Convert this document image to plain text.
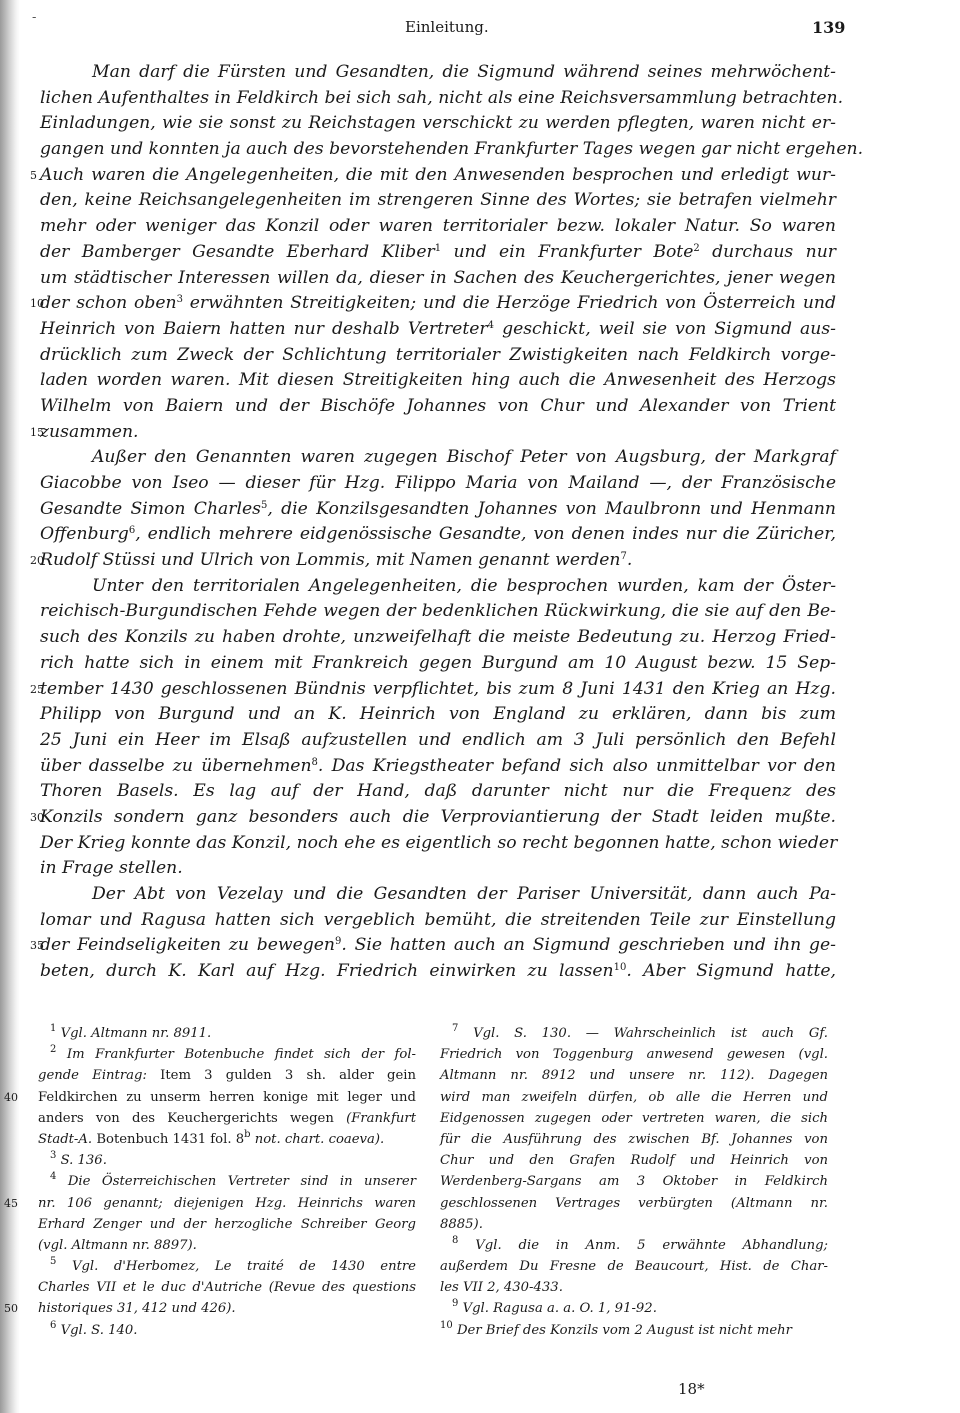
-
Einleitung.	139
Man darf die Fürsten und Gesandten, die Sigmund während seines mehrwöchent-
lichen Aufenthaltes in Feldkirch bei sich sah, nicht als eine Reichsversammlung betrachten.
Einladungen, wie sie sonst zu Reichstagen verschickt zu werden pflegten, waren nicht er-
gangen und konnten ja auch des bevorstehenden Frankfurter Tages wegen gar nicht ergehen.
5 Auch waren die Angelegenheiten, die mit den Anwesenden besprochen und erledigt wur-
den, keine Reichsangelegenheiten im strengeren Sinne des Wortes; sie betrafen vielmehr
mehr oder weniger das Konzil oder waren territorialer bezw. lokaler Natur. So waren
der Bamberger Gesandte Eberhard Kliber$^1$ und ein Frankfurter Bote$^2$ durchaus nur
um städtischer Interessen willen da, dieser in Sachen des Keuchergerichtes, jener wegen
10
der schon oben$^3$ erwähnten Streitigkeiten; und die Herzöge Friedrich von Österreich und
Heinrich von Baiern hatten nur deshalb Vertreter$^4$ geschickt, weil sie von Sigmund aus-
drücklich zum Zweck der Schlichtung territorialer Zwistigkeiten nach Feldkirch vorge-
laden worden waren. Mit diesen Streitigkeiten hing auch die Anwesenheit des Herzogs
Wilhelm von Baiern und der Bischöfe Johannes von Chur und Alexander von Trient
15
zusammen.
Außer den Genannten waren zugegen Bischof Peter von Augsburg, der Markgraf
Giacobbe von Iseo — dieser für Hzg. Filippo Maria von Mailand —, der Französische
Gesandte Simon Charles$^5$, die Konzilsgesandten Johannes von Maulbronn und Henmann
Offenburg$^6$, endlich mehrere eidgenössische Gesandte, von denen indes nur die Züricher,
20
Rudolf Stüssi und Ulrich von Lommis, mit Namen genannt werden$^7$.
Unter den territorialen Angelegenheiten, die besprochen wurden, kam der Öster-
reichisch-Burgundischen Fehde wegen der bedenklichen Rückwirkung, die sie auf den Be-
such des Konzils zu haben drohte, unzweifelhaft die meiste Bedeutung zu. Herzog Fried-
rich hatte sich in einem mit Frankreich gegen Burgund am 10 August bezw. 15 Sep-
25
tember 1430 geschlossenen Bündnis verpflichtet, bis zum 8 Juni 1431 den Krieg an Hzg.
Philipp von Burgund und an K. Heinrich von England zu erklären, dann bis zum
25 Juni ein Heer im Elsaß aufzustellen und endlich am 3 Juli persönlich den Befehl
über dasselbe zu übernehmen$^8$. Das Kriegstheater befand sich also unmittelbar vor den
Thoren Basels. Es lag auf der Hand, daß darunter nicht nur die Frequenz des
30
Konzils sondern ganz besonders auch die Verproviantierung der Stadt leiden mußte.
Der Krieg konnte das Konzil, noch ehe es eigentlich so recht begonnen hatte, schon wieder
in Frage stellen.
Der Abt von Vezelay und die Gesandten der Pariser Universität, dann auch Pa-
lomar und Ragusa hatten sich vergeblich bemüht, die streitenden Teile zur Einstellung
35
der Feindseligkeiten zu bewegen$^9$. Sie hatten auch an Sigmund geschrieben und ihn ge-
beten, durch K. Karl auf Hzg. Friedrich einwirken zu lassen$^{10}$. Aber Sigmund hatte,
$^1$ Vgl. Altmann nr. 8911.
$^2$ Im Frankfurter Botenbuche findet sich der fol-
gende Eintrag: Item 3 gulden 3 sh. alder gein
40 Feldkirchen zu unserm herren konige mit leger und
anders von des Keuchergerichts wegen (Frankfurt
Stadt-A. Botenbuch 1431 fol. 8$^b$ not. chart. coaeva).
$^3$ S. 136.
$^4$ Die Österreichischen Vertreter sind in unserer
45 nr. 106 genannt; diejenigen Hzg. Heinrichs waren
Erhard Zenger und der herzogliche Schreiber Georg
(vgl. Altmann nr. 8897).
$^5$ Vgl. d'Herbomez, Le traité de 1430 entre
Charles VII et le duc d'Autriche (Revue des questions
50 historiques 31, 412 und 426).
$^6$ Vgl. S. 140.
$^7$ Vgl. S. 130. — Wahrscheinlich ist auch Gf.
Friedrich von Toggenburg anwesend gewesen (vgl.
Altmann nr. 8912 und unsere nr. 112). Dagegen
wird man zweifeln dürfen, ob alle die Herren und
Eidgenossen zugegen oder vertreten waren, die sich
für die Ausführung des zwischen Bf. Johannes von
Chur und den Grafen Rudolf und Heinrich von
Werdenberg-Sargans am 3 Oktober in Feldkirch
geschlossenen Vertrages verbürgten (Altmann nr.
8885).
$^8$ Vgl. die in Anm. 5 erwähnte Abhandlung;
außerdem Du Fresne de Beaucourt, Hist. de Char-
les VII 2, 430-433.
$^9$ Vgl. Ragusa a. a. O. 1, 91-92.
$^{10}$ Der Brief des Konzils vom 2 August ist nicht mehr
18*
